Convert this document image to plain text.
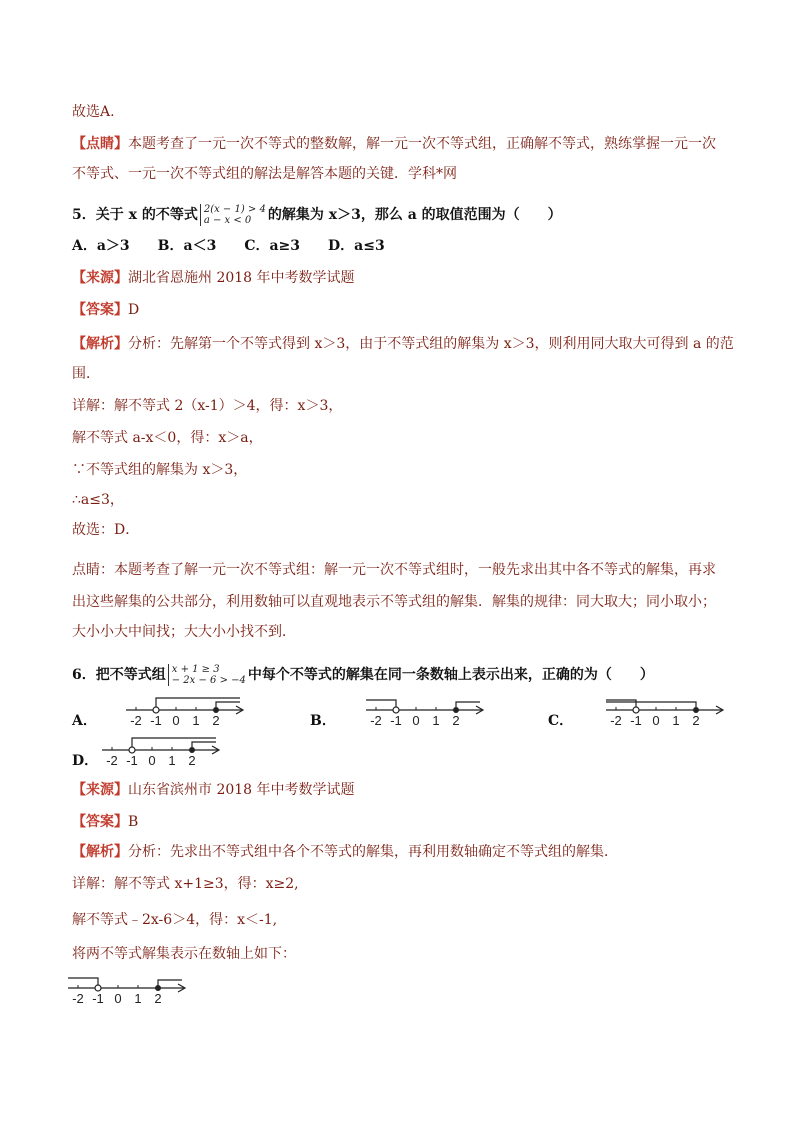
故选A.
【点睛】本题考查了一元一次不等式的整数解，解一元一次不等式组，正确解不等式，熟练掌握一元一次
不等式、一元一次不等式组的解法是解答本题的关键．学科*网
5．关于 x 的不等式 2(x − 1) > 4
a − x < 0	的解集为 x＞3，那么 a 的取值范围为（　　）
A．a＞3　　B．a＜3　　C．a≥3　　D．a≤3
【来源】湖北省恩施州 2018 年中考数学试题
【答案】D
【解析】分析：先解第一个不等式得到 x＞3，由于不等式组的解集为 x＞3，则利用同大取大可得到 a 的范
围．
详解：解不等式 2（x-1）＞4，得：x＞3，
解不等式 a-x＜0，得：x＞a，
∵不等式组的解集为 x＞3，
∴a≤3，
故选：D．
点睛：本题考查了解一元一次不等式组：解一元一次不等式组时，一般先求出其中各不等式的解集，再求
出这些解集的公共部分，利用数轴可以直观地表示不等式组的解集．解集的规律：同大取大；同小取小；
大小小大中间找；大大小小找不到．
6．把不等式组 x + 1 ≥ 3
− 2x − 6 > −4 中每个不等式的解集在同一条数轴上表示出来，正确的为（　　）
A．	B．	C．
D．
-2 -1 0 1 2	-2 -1 0 1 2	-2 -1 0 1 2
-2 -1 0 1 2
【来源】山东省滨州市 2018 年中考数学试题
【答案】B
【解析】分析：先求出不等式组中各个不等式的解集，再利用数轴确定不等式组的解集．
详解：解不等式 x+1≥3，得：x≥2,
解不等式﹣2x-6＞4，得：x＜-1,
将两不等式解集表示在数轴上如下：
-2 -1 0 1 2
